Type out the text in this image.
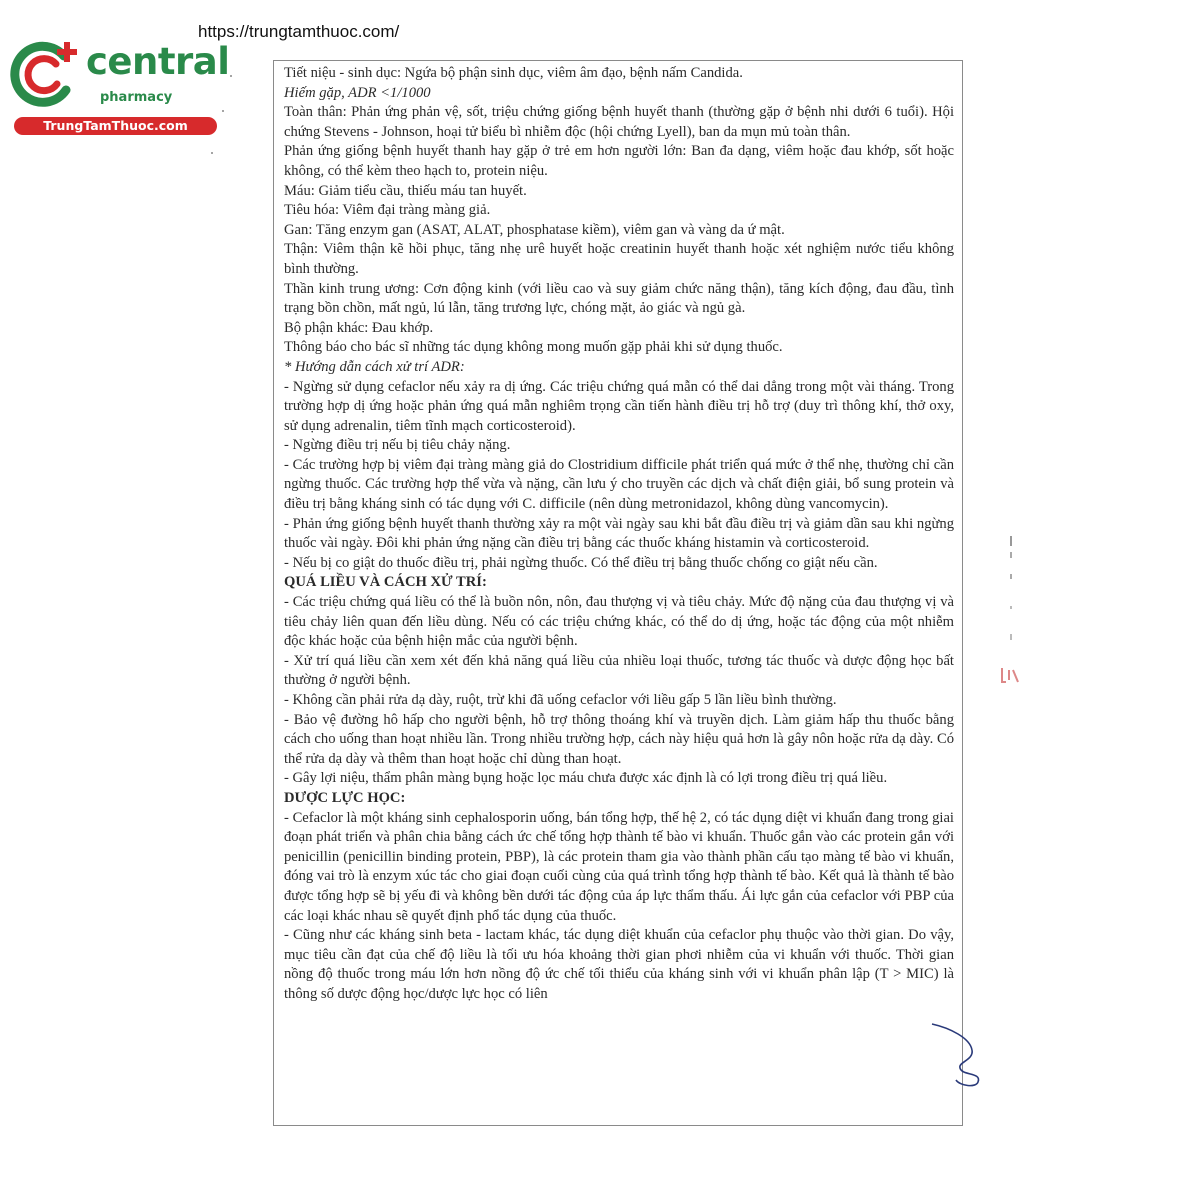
https://trungtamthuoc.com/
central
pharmacy
TrungTamThuoc.com

Tiết niệu - sinh dục: Ngứa bộ phận sinh dục, viêm âm đạo, bệnh nấm Candida.

Hiếm gặp, ADR <1/1000

Toàn thân: Phản ứng phản vệ, sốt, triệu chứng giống bệnh huyết thanh (thường gặp ở bệnh nhi dưới 6 tuổi). Hội chứng Stevens - Johnson, hoại tử biểu bì nhiễm độc (hội chứng Lyell), ban da mụn mủ toàn thân.

Phản ứng giống bệnh huyết thanh hay gặp ở trẻ em hơn người lớn: Ban đa dạng, viêm hoặc đau khớp, sốt hoặc không, có thể kèm theo hạch to, protein niệu.

Máu: Giảm tiểu cầu, thiếu máu tan huyết.

Tiêu hóa: Viêm đại tràng màng giả.

Gan: Tăng enzym gan (ASAT, ALAT, phosphatase kiềm), viêm gan và vàng da ứ mật.

Thận: Viêm thận kẽ hồi phục, tăng nhẹ urê huyết hoặc creatinin huyết thanh hoặc xét nghiệm nước tiểu không bình thường.

Thần kinh trung ương: Cơn động kinh (với liều cao và suy giảm chức năng thận), tăng kích động, đau đầu, tình trạng bồn chồn, mất ngủ, lú lẫn, tăng trương lực, chóng mặt, ảo giác và ngủ gà.

Bộ phận khác: Đau khớp.

Thông báo cho bác sĩ những tác dụng không mong muốn gặp phải khi sử dụng thuốc.

* Hướng dẫn cách xử trí ADR:

- Ngừng sử dụng cefaclor nếu xảy ra dị ứng. Các triệu chứng quá mẫn có thể dai dẳng trong một vài tháng. Trong trường hợp dị ứng hoặc phản ứng quá mẫn nghiêm trọng cần tiến hành điều trị hỗ trợ (duy trì thông khí, thở oxy, sử dụng adrenalin, tiêm tĩnh mạch corticosteroid).

- Ngừng điều trị nếu bị tiêu chảy nặng.

- Các trường hợp bị viêm đại tràng màng giả do Clostridium difficile phát triển quá mức ở thể nhẹ, thường chỉ cần ngừng thuốc. Các trường hợp thể vừa và nặng, cần lưu ý cho truyền các dịch và chất điện giải, bổ sung protein và điều trị bằng kháng sinh có tác dụng với C. difficile (nên dùng metronidazol, không dùng vancomycin).

- Phản ứng giống bệnh huyết thanh thường xảy ra một vài ngày sau khi bắt đầu điều trị và giảm dần sau khi ngừng thuốc vài ngày. Đôi khi phản ứng nặng cần điều trị bằng các thuốc kháng histamin và corticosteroid.

- Nếu bị co giật do thuốc điều trị, phải ngừng thuốc. Có thể điều trị bằng thuốc chống co giật nếu cần.

QUÁ LIỀU VÀ CÁCH XỬ TRÍ:

- Các triệu chứng quá liều có thể là buồn nôn, nôn, đau thượng vị và tiêu chảy. Mức độ nặng của đau thượng vị và tiêu chảy liên quan đến liều dùng. Nếu có các triệu chứng khác, có thể do dị ứng, hoặc tác động của một nhiễm độc khác hoặc của bệnh hiện mắc của người bệnh.

- Xử trí quá liều cần xem xét đến khả năng quá liều của nhiều loại thuốc, tương tác thuốc và dược động học bất thường ở người bệnh.

- Không cần phải rửa dạ dày, ruột, trừ khi đã uống cefaclor với liều gấp 5 lần liều bình thường.

- Bảo vệ đường hô hấp cho người bệnh, hỗ trợ thông thoáng khí và truyền dịch. Làm giảm hấp thu thuốc bằng cách cho uống than hoạt nhiều lần. Trong nhiều trường hợp, cách này hiệu quả hơn là gây nôn hoặc rửa dạ dày. Có thể rửa dạ dày và thêm than hoạt hoặc chỉ dùng than hoạt.

- Gây lợi niệu, thẩm phân màng bụng hoặc lọc máu chưa được xác định là có lợi trong điều trị quá liều.

DƯỢC LỰC HỌC:

- Cefaclor là một kháng sinh cephalosporin uống, bán tổng hợp, thế hệ 2, có tác dụng diệt vi khuẩn đang trong giai đoạn phát triển và phân chia bằng cách ức chế tổng hợp thành tế bào vi khuẩn. Thuốc gắn vào các protein gắn với penicillin (penicillin binding protein, PBP), là các protein tham gia vào thành phần cấu tạo màng tế bào vi khuẩn, đóng vai trò là enzym xúc tác cho giai đoạn cuối cùng của quá trình tổng hợp thành tế bào. Kết quả là thành tế bào được tổng hợp sẽ bị yếu đi và không bền dưới tác động của áp lực thẩm thấu. Ái lực gắn của cefaclor với PBP của các loại khác nhau sẽ quyết định phổ tác dụng của thuốc.

- Cũng như các kháng sinh beta - lactam khác, tác dụng diệt khuẩn của cefaclor phụ thuộc vào thời gian. Do vậy, mục tiêu cần đạt của chế độ liều là tối ưu hóa khoảng thời gian phơi nhiễm của vi khuẩn với thuốc. Thời gian nồng độ thuốc trong máu lớn hơn nồng độ ức chế tối thiểu của kháng sinh với vi khuẩn phân lập (T > MIC) là thông số dược động học/dược lực học có liên
